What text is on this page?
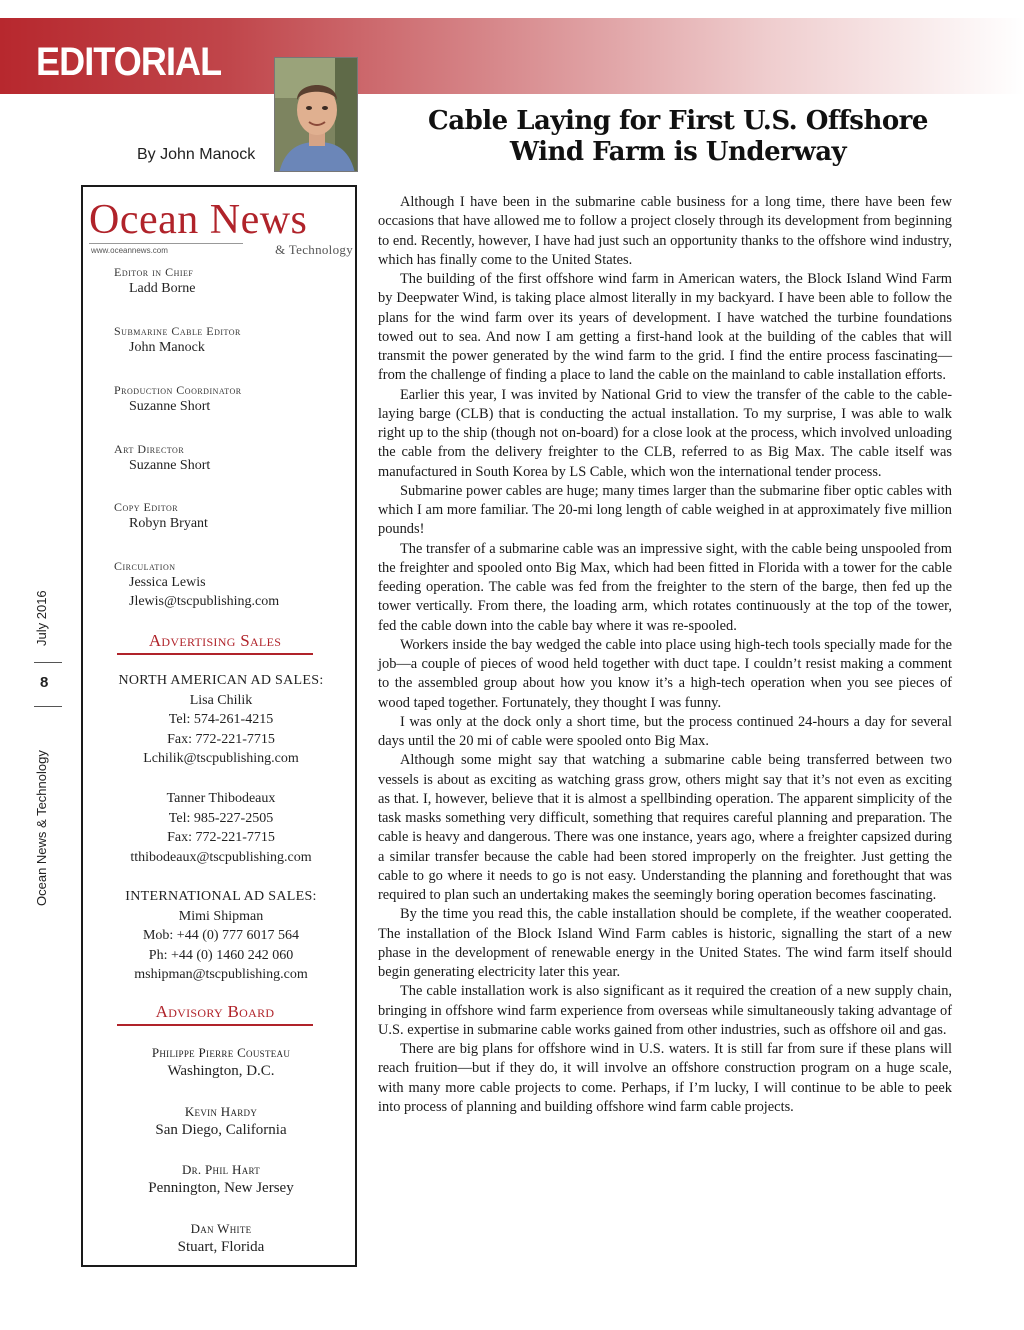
EDITORIAL
By John Manock
Cable Laying for First U.S. Offshore
Wind Farm is Underway
Ocean News
www.oceannews.com	& Technology
Editor in Chief
Ladd Borne
Submarine Cable Editor
John Manock
Production Coordinator
Suzanne Short
Art Director
Suzanne Short
Copy Editor
Robyn Bryant
Circulation
Jessica Lewis
Jlewis@tscpublishing.com
Advertising Sales
NORTH AMERICAN AD SALES:
Lisa Chilik
Tel: 574-261-4215
Fax: 772-221-7715
Lchilik@tscpublishing.com
Tanner Thibodeaux
Tel: 985-227-2505
Fax: 772-221-7715
tthibodeaux@tscpublishing.com
INTERNATIONAL AD SALES:
Mimi Shipman
Mob: +44 (0) 777 6017 564
Ph: +44 (0) 1460 242 060
mshipman@tscpublishing.com
Advisory Board
Philippe Pierre Cousteau
Washington, D.C.
Kevin Hardy
San Diego, California
Dr. Phil Hart
Pennington, New Jersey
Dan White
Stuart, Florida
July 2016
8
Ocean News & Technology

Although I have been in the submarine cable business for a long time, there have been few occasions that have allowed me to follow a project closely through its development from beginning to end. Recently, however, I have had just such an opportunity thanks to the offshore wind industry, which has finally come to the United States.

The building of the first offshore wind farm in American waters, the Block Island Wind Farm by Deepwater Wind, is taking place almost literally in my backyard. I have been able to follow the plans for the wind farm over its years of development. I have watched the turbine foundations towed out to sea. And now I am getting a first-hand look at the building of the cables that will transmit the power generated by the wind farm to the grid. I find the entire process fascinating—from the challenge of finding a place to land the cable on the mainland to cable installation efforts.

Earlier this year, I was invited by National Grid to view the transfer of the cable to the cable-laying barge (CLB) that is conducting the actual installation. To my surprise, I was able to walk right up to the ship (though not on-board) for a close look at the process, which involved unloading the cable from the delivery freighter to the CLB, referred to as Big Max. The cable itself was manufactured in South Korea by LS Cable, which won the international tender process.

Submarine power cables are huge; many times larger than the submarine fiber optic cables with which I am more familiar. The 20-mi long length of cable weighed in at approximately five million pounds!

The transfer of a submarine cable was an impressive sight, with the cable being unspooled from the freighter and spooled onto Big Max, which had been fitted in Florida with a tower for the cable feeding operation. The cable was fed from the freighter to the stern of the barge, then fed up the tower vertically. From there, the loading arm, which rotates continuously at the top of the tower, fed the cable down into the cable bay where it was re-spooled.

Workers inside the bay wedged the cable into place using high-tech tools specially made for the job—a couple of pieces of wood held together with duct tape. I couldn’t resist making a comment to the assembled group about how you know it’s a high-tech operation when you see pieces of wood taped together. Fortunately, they thought I was funny.

I was only at the dock only a short time, but the process continued 24-hours a day for several days until the 20 mi of cable were spooled onto Big Max.

Although some might say that watching a submarine cable being transferred between two vessels is about as exciting as watching grass grow, others might say that it’s not even as exciting as that. I, however, believe that it is almost a spellbinding operation. The apparent simplicity of the task masks something very difficult, something that requires careful planning and preparation. The cable is heavy and dangerous. There was one instance, years ago, where a freighter capsized during a similar transfer because the cable had been stored improperly on the freighter. Just getting the cable to go where it needs to go is not easy. Understanding the planning and forethought that was required to plan such an undertaking makes the seemingly boring operation becomes fascinating.

By the time you read this, the cable installation should be complete, if the weather cooperated. The installation of the Block Island Wind Farm cables is historic, signalling the start of a new phase in the development of renewable energy in the United States. The wind farm itself should begin generating electricity later this year.

The cable installation work is also significant as it required the creation of a new supply chain, bringing in offshore wind farm experience from overseas while simultaneously taking advantage of U.S. expertise in submarine cable works gained from other industries, such as offshore oil and gas.

There are big plans for offshore wind in U.S. waters. It is still far from sure if these plans will reach fruition—but if they do, it will involve an offshore construction program on a huge scale, with many more cable projects to come. Perhaps, if I’m lucky, I will continue to be able to peek into process of planning and building offshore wind farm cable projects.
